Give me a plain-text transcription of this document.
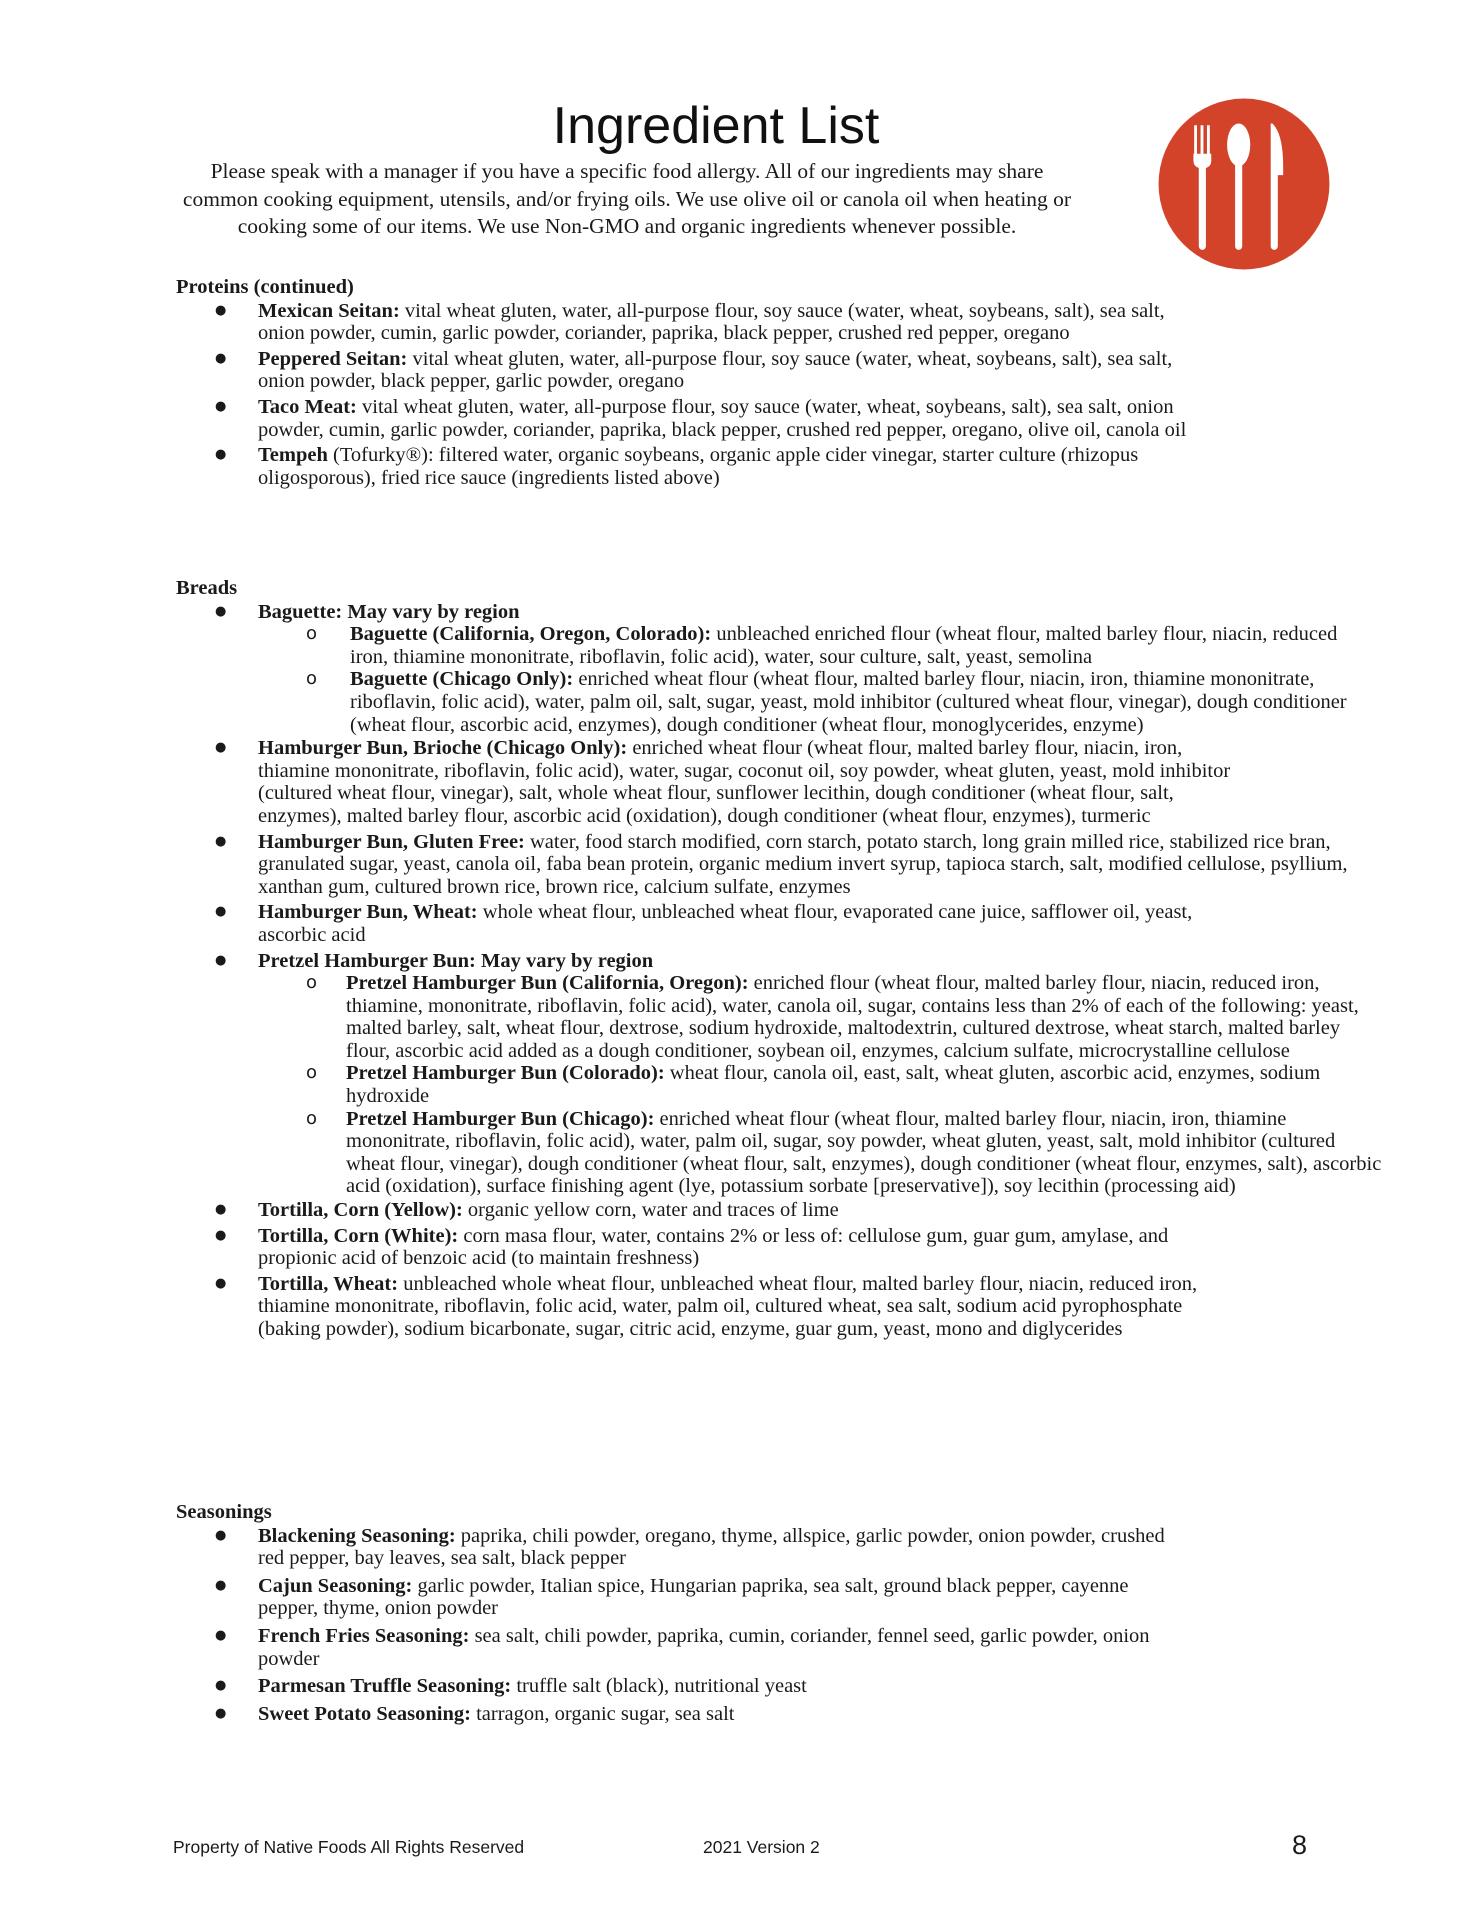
Ingredient List
Please speak with a manager if you have a specific food allergy. All of our ingredients may share
common cooking equipment, utensils, and/or frying oils. We use olive oil or canola oil when heating or
cooking some of our items. We use Non-GMO and organic ingredients whenever possible.
Proteins (continued)
● Mexican Seitan: vital wheat gluten, water, all-purpose flour, soy sauce (water, wheat, soybeans, salt), sea salt, onion powder, cumin, garlic powder, coriander, paprika, black pepper, crushed red pepper, oregano
● Peppered Seitan: vital wheat gluten, water, all-purpose flour, soy sauce (water, wheat, soybeans, salt), sea salt, onion powder, black pepper, garlic powder, oregano
● Taco Meat: vital wheat gluten, water, all-purpose flour, soy sauce (water, wheat, soybeans, salt), sea salt, onion powder, cumin, garlic powder, coriander, paprika, black pepper, crushed red pepper, oregano, olive oil, canola oil
● Tempeh (Tofurky®): filtered water, organic soybeans, organic apple cider vinegar, starter culture (rhizopus oligosporous), fried rice sauce (ingredients listed above)
Breads
● Baguette: May vary by region
o Baguette (California, Oregon, Colorado): unbleached enriched flour (wheat flour, malted barley flour, niacin, reduced iron, thiamine mononitrate, riboflavin, folic acid), water, sour culture, salt, yeast, semolina
o Baguette (Chicago Only): enriched wheat flour (wheat flour, malted barley flour, niacin, iron, thiamine mononitrate, riboflavin, folic acid), water, palm oil, salt, sugar, yeast, mold inhibitor (cultured wheat flour, vinegar), dough conditioner (wheat flour, ascorbic acid, enzymes), dough conditioner (wheat flour, monoglycerides, enzyme)
● Hamburger Bun, Brioche (Chicago Only): enriched wheat flour (wheat flour, malted barley flour, niacin, iron, thiamine mononitrate, riboflavin, folic acid), water, sugar, coconut oil, soy powder, wheat gluten, yeast, mold inhibitor (cultured wheat flour, vinegar), salt, whole wheat flour, sunflower lecithin, dough conditioner (wheat flour, salt, enzymes), malted barley flour, ascorbic acid (oxidation), dough conditioner (wheat flour, enzymes), turmeric
● Hamburger Bun, Gluten Free: water, food starch modified, corn starch, potato starch, long grain milled rice, stabilized rice bran, granulated sugar, yeast, canola oil, faba bean protein, organic medium invert syrup, tapioca starch, salt, modified cellulose, psyllium, xanthan gum, cultured brown rice, brown rice, calcium sulfate, enzymes
● Hamburger Bun, Wheat: whole wheat flour, unbleached wheat flour, evaporated cane juice, safflower oil, yeast, ascorbic acid
● Pretzel Hamburger Bun: May vary by region
o Pretzel Hamburger Bun (California, Oregon): enriched flour (wheat flour, malted barley flour, niacin, reduced iron, thiamine, mononitrate, riboflavin, folic acid), water, canola oil, sugar, contains less than 2% of each of the following: yeast, malted barley, salt, wheat flour, dextrose, sodium hydroxide, maltodextrin, cultured dextrose, wheat starch, malted barley flour, ascorbic acid added as a dough conditioner, soybean oil, enzymes, calcium sulfate, microcrystalline cellulose
o Pretzel Hamburger Bun (Colorado): wheat flour, canola oil, east, salt, wheat gluten, ascorbic acid, enzymes, sodium hydroxide
o Pretzel Hamburger Bun (Chicago): enriched wheat flour (wheat flour, malted barley flour, niacin, iron, thiamine mononitrate, riboflavin, folic acid), water, palm oil, sugar, soy powder, wheat gluten, yeast, salt, mold inhibitor (cultured wheat flour, vinegar), dough conditioner (wheat flour, salt, enzymes), dough conditioner (wheat flour, enzymes, salt), ascorbic acid (oxidation), surface finishing agent (lye, potassium sorbate [preservative]), soy lecithin (processing aid)
● Tortilla, Corn (Yellow): organic yellow corn, water and traces of lime
● Tortilla, Corn (White): corn masa flour, water, contains 2% or less of: cellulose gum, guar gum, amylase, and propionic acid of benzoic acid (to maintain freshness)
● Tortilla, Wheat: unbleached whole wheat flour, unbleached wheat flour, malted barley flour, niacin, reduced iron, thiamine mononitrate, riboflavin, folic acid, water, palm oil, cultured wheat, sea salt, sodium acid pyrophosphate (baking powder), sodium bicarbonate, sugar, citric acid, enzyme, guar gum, yeast, mono and diglycerides
Seasonings
● Blackening Seasoning: paprika, chili powder, oregano, thyme, allspice, garlic powder, onion powder, crushed red pepper, bay leaves, sea salt, black pepper
● Cajun Seasoning: garlic powder, Italian spice, Hungarian paprika, sea salt, ground black pepper, cayenne pepper, thyme, onion powder
● French Fries Seasoning: sea salt, chili powder, paprika, cumin, coriander, fennel seed, garlic powder, onion powder
● Parmesan Truffle Seasoning: truffle salt (black), nutritional yeast
● Sweet Potato Seasoning: tarragon, organic sugar, sea salt
Property of Native Foods All Rights Reserved	2021 Version 2	8
